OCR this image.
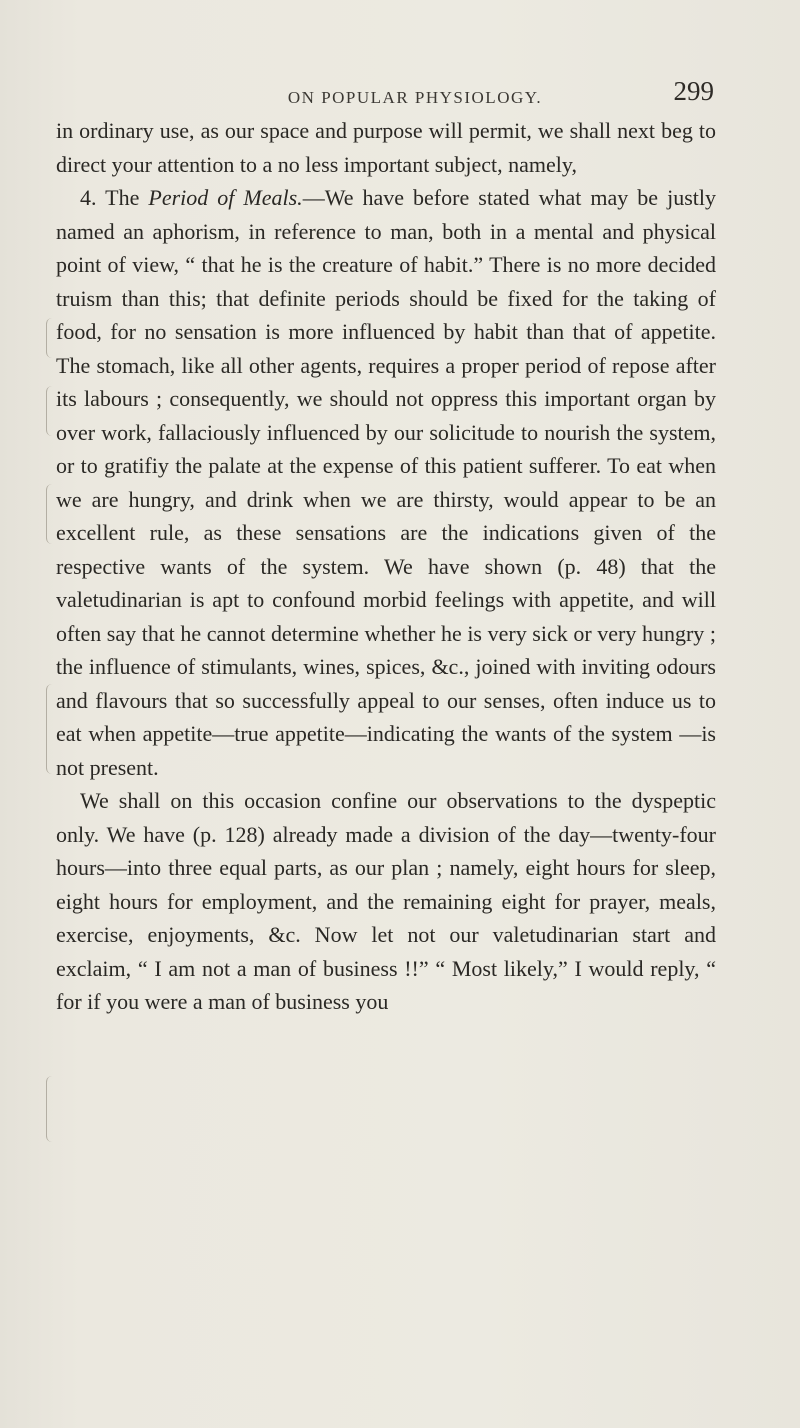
ON POPULAR PHYSIOLOGY.	299

in ordinary use, as our space and purpose will permit, we shall next beg to direct your attention to a no less important subject, namely,

4. The Period of Meals.—We have before stated what may be justly named an aphorism, in reference to man, both in a mental and physical point of view, “ that he is the creature of habit.” There is no more decided truism than this; that definite periods should be fixed for the taking of food, for no sensation is more influenced by habit than that of appetite. The stomach, like all other agents, requires a proper period of repose after its labours ; consequently, we should not oppress this important organ by over work, fallaciously influenced by our solicitude to nourish the system, or to gratifiy the palate at the expense of this patient sufferer. To eat when we are hungry, and drink when we are thirsty, would appear to be an excellent rule, as these sensations are the indications given of the respective wants of the system. We have shown (p. 48) that the valetudinarian is apt to confound morbid feelings with appetite, and will often say that he cannot determine whether he is very sick or very hungry ; the influence of stimulants, wines, spices, &c., joined with inviting odours and flavours that so successfully appeal to our senses, often induce us to eat when appetite—true appetite—indicating the wants of the system —is not present.

We shall on this occasion confine our observations to the dyspeptic only. We have (p. 128) already made a division of the day—twenty-four hours—into three equal parts, as our plan ; namely, eight hours for sleep, eight hours for employment, and the remaining eight for prayer, meals, exercise, enjoyments, &c. Now let not our valetudinarian start and exclaim, “ I am not a man of business !!” “ Most likely,” I would reply, “ for if you were a man of business you
